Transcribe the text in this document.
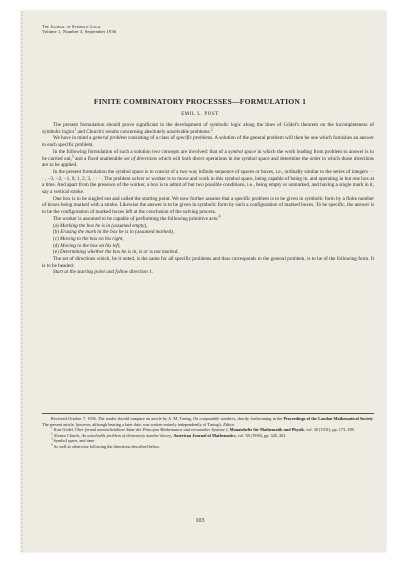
The Journal of Symbolic Logic
Volume 1, Number 3, September 1936
FINITE COMBINATORY PROCESSES—FORMULATION 1
EMIL L. POST

The present formulation should prove significant in the development of symbolic logic along the lines of Gödel's theorem on the incompleteness of symbolic logics$^1$ and Church's results concerning absolutely unsolvable problems.$^2$

We have in mind a general problem consisting of a class of specific problems. A solution of the general problem will then be one which furnishes an answer to each specific problem.

In the following formulation of such a solution two concepts are involved: that of a symbol space in which the work leading from problem to answer is to be carried out,$^3$ and a fixed unalterable set of directions which will both direct operations in the symbol space and determine the order in which those directions are to be applied.

In the present formulation the symbol space is to consist of a two way infinite sequence of spaces or boxes, i.e., ordinally similar to the series of integers · · · , −3, −2, −1, 0, 1, 2, 3, · · · . The problem solver or worker is to move and work in this symbol space, being capable of being in, and operating in but one box at a time. And apart from the presence of the worker, a box is to admit of but two possible conditions, i.e., being empty or unmarked, and having a single mark in it, say a vertical stroke.

One box is to be singled out and called the starting point. We now further assume that a specific problem is to be given in symbolic form by a finite number of boxes being marked with a stroke. Likewise the answer is to be given in symbolic form by such a configuration of marked boxes. To be specific, the answer is to be the configuration of marked boxes left at the conclusion of the solving process.

The worker is assumed to be capable of performing the following primitive acts:$^4$

(a) Marking the box he is in (assumed empty),
(b) Erasing the mark in the box he is in (assumed marked),
(c) Moving to the box on his right,
(d) Moving to the box on his left,
(e) Determining whether the box he is in, is or is not marked.

The set of directions which, be it noted, is the same for all specific problems and thus corresponds to the general problem, is to be of the following form. It is to be headed:

Start at the starting point and follow direction 1.

Received October 7, 1936. The reader should compare an article by A. M. Turing, On computable numbers, shortly forthcoming in the Proceedings of the London Mathematical Society. The present article, however, although bearing a later date, was written entirely independently of Turing's. Editor.

$^1$ Kurt Gödel, Über formal unentscheidbare Sätze der Principia Mathematica und verwandter Systeme I, Monatshefte für Mathematik und Physik, vol. 38 (1931), pp. 173–198.

$^2$ Alonzo Church, An unsolvable problem of elementary number theory, American Journal of Mathematics, vol. 58 (1936), pp. 345–363.

$^3$ Symbol space, and time.

$^4$ As well as otherwise following the directions described below.

103
